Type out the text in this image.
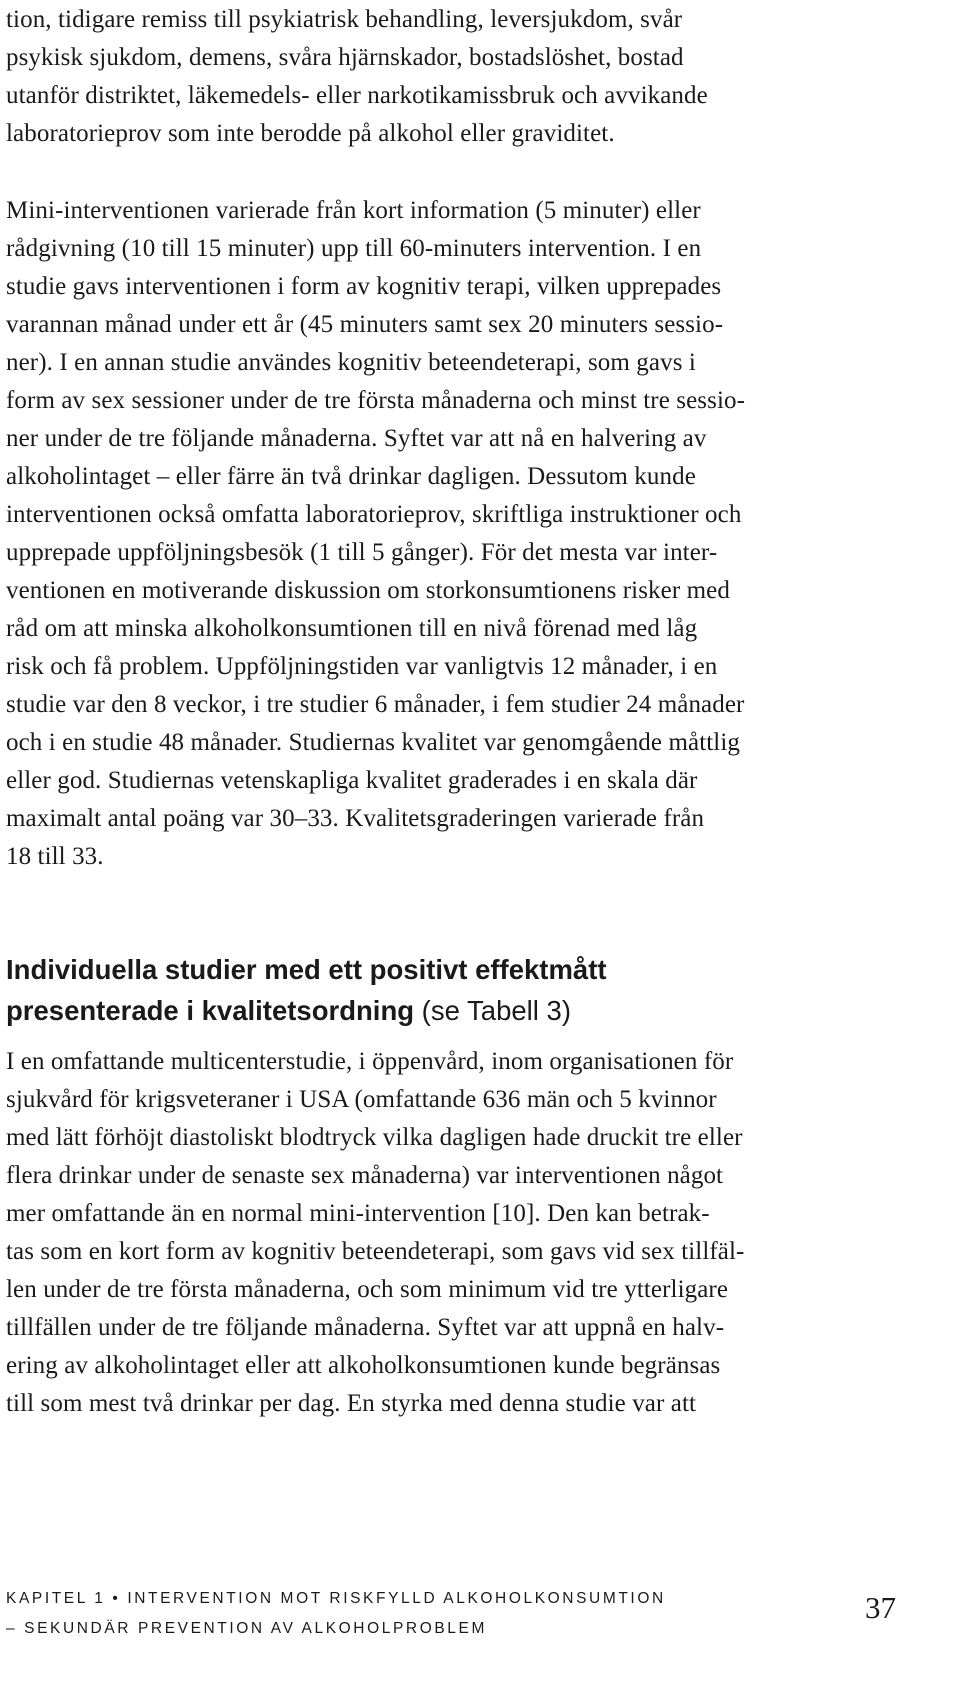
tion, tidigare remiss till psykiatrisk behandling, leversjukdom, svår
psykisk sjukdom, demens, svåra hjärnskador, bostadslöshet, bostad
utanför distriktet, läkemedels- eller narkotikamissbruk och avvikande
laboratorieprov som inte berodde på alkohol eller graviditet.

Mini-interventionen varierade från kort information (5 minuter) eller
rådgivning (10 till 15 minuter) upp till 60-minuters intervention. I en
studie gavs interventionen i form av kognitiv terapi, vilken upprepades
varannan månad under ett år (45 minuters samt sex 20 minuters sessio-
ner). I en annan studie användes kognitiv beteendeterapi, som gavs i
form av sex sessioner under de tre första månaderna och minst tre sessio-
ner under de tre följande månaderna. Syftet var att nå en halvering av
alkoholintaget – eller färre än två drinkar dagligen. Dessutom kunde
interventionen också omfatta laboratorieprov, skriftliga instruktioner och
upprepade uppföljningsbesök (1 till 5 gånger). För det mesta var inter-
ventionen en motiverande diskussion om storkonsumtionens risker med
råd om att minska alkoholkonsumtionen till en nivå förenad med låg
risk och få problem. Uppföljningstiden var vanligtvis 12 månader, i en
studie var den 8 veckor, i tre studier 6 månader, i fem studier 24 månader
och i en studie 48 månader. Studiernas kvalitet var genomgående måttlig
eller god. Studiernas vetenskapliga kvalitet graderades i en skala där
maximalt antal poäng var 30–33. Kvalitetsgraderingen varierade från
18 till 33.

Individuella studier med ett positivt effektmått
presenterade i kvalitetsordning (se Tabell 3)

I en omfattande multicenterstudie, i öppenvård, inom organisationen för
sjukvård för krigsveteraner i USA (omfattande 636 män och 5 kvinnor
med lätt förhöjt diastoliskt blodtryck vilka dagligen hade druckit tre eller
flera drinkar under de senaste sex månaderna) var interventionen något
mer omfattande än en normal mini-intervention [10]. Den kan betrak-
tas som en kort form av kognitiv beteendeterapi, som gavs vid sex tillfäl-
len under de tre första månaderna, och som minimum vid tre ytterligare
tillfällen under de tre följande månaderna. Syftet var att uppnå en halv-
ering av alkoholintaget eller att alkoholkonsumtionen kunde begränsas
till som mest två drinkar per dag. En styrka med denna studie var att

KAPITEL 1 • INTERVENTION MOT RISKFYLLD ALKOHOLKONSUMTION
– SEKUNDÄR PREVENTION AV ALKOHOLPROBLEM
37
